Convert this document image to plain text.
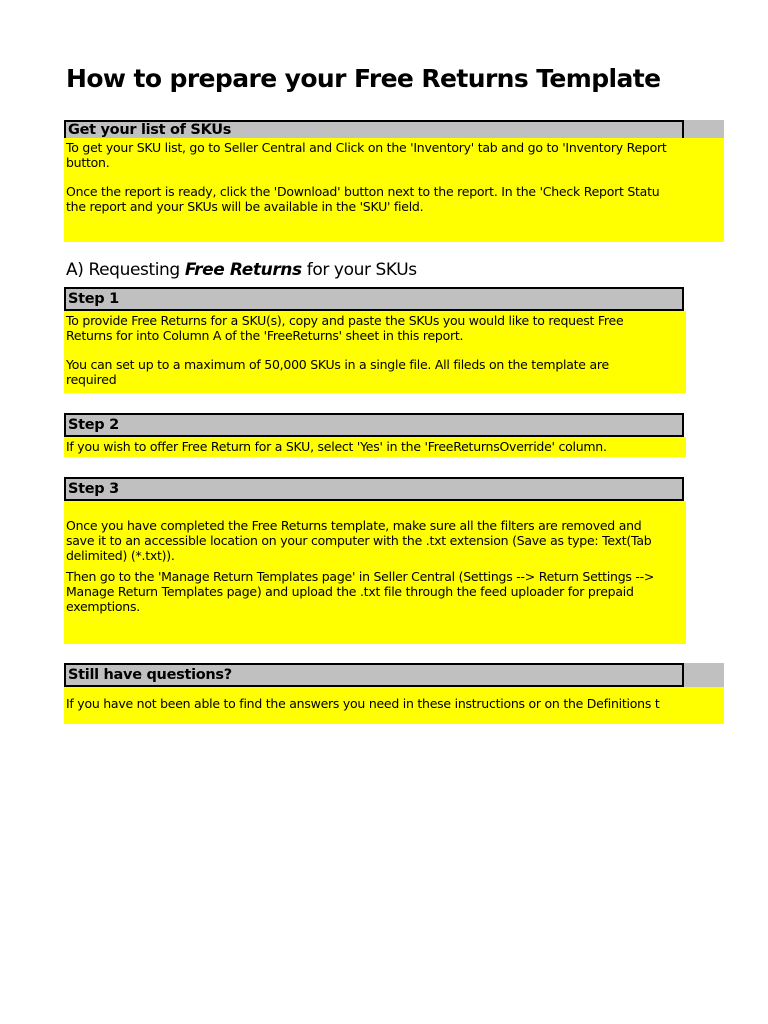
How to prepare your Free Returns Template
Get your list of SKUs

To get your SKU list, go to Seller Central and Click on the 'Inventory' tab and go to 'Inventory Report

button.

Once the report is ready, click the 'Download' button next to the report. In the 'Check Report Statu

the report and your SKUs will be available in the 'SKU' field.

A) Requesting Free Returns for your SKUs
Step 1

To provide Free Returns for a SKU(s), copy and paste the SKUs you would like to request Free

Returns for into Column A of the 'FreeReturns' sheet in this report.

You can set up to a maximum of 50,000 SKUs in a single file. All fileds on the template are

required

Step 2

If you wish to offer Free Return for a SKU, select 'Yes' in the 'FreeReturnsOverride' column.

Step 3

Once you have completed the Free Returns template, make sure all the filters are removed and

save it to an accessible location on your computer with the .txt extension (Save as type: Text(Tab

delimited) (*.txt)).

Then go to the 'Manage Return Templates page' in Seller Central (Settings --> Return Settings -->

Manage Return Templates page) and upload the .txt file through the feed uploader for prepaid

exemptions.

Still have questions?

If you have not been able to find the answers you need in these instructions or on the Definitions t
